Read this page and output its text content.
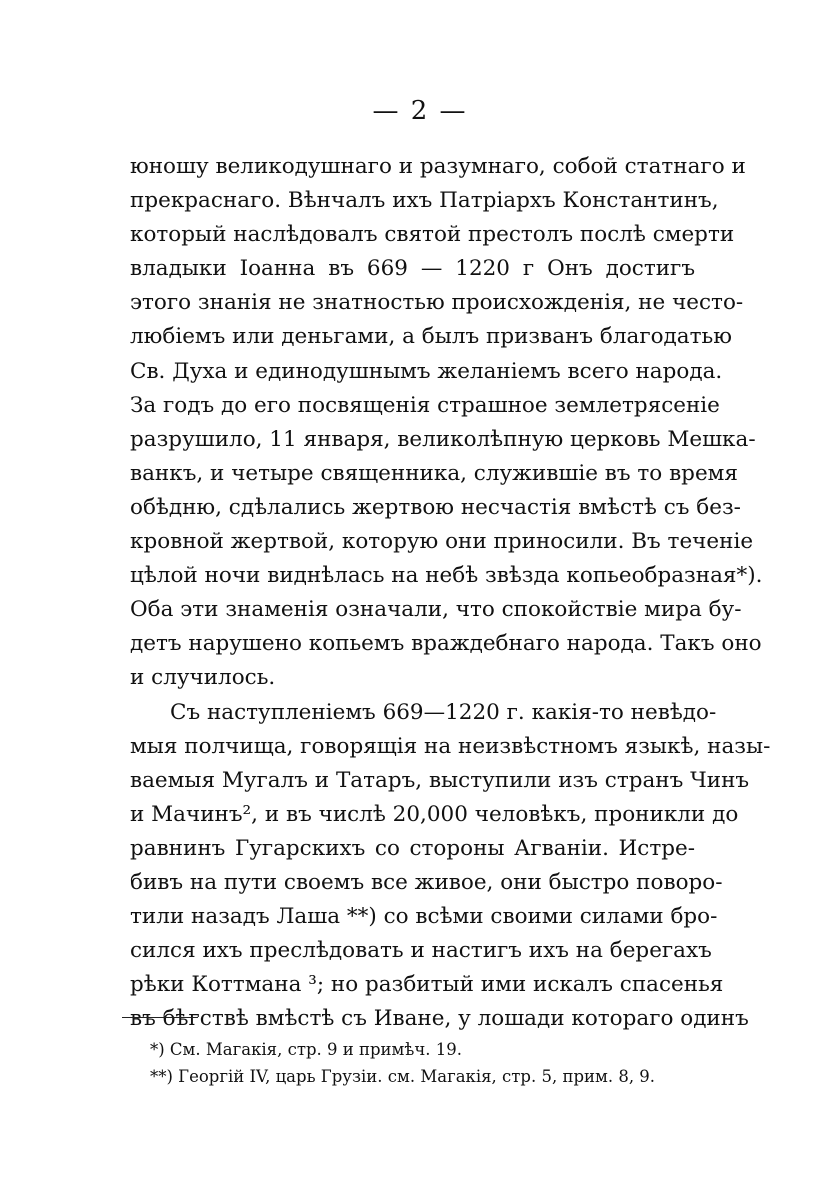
— 2 —
юношу великодушнаго и разумнаго, собой статнаго и
прекраснаго. Вѣнчалъ ихъ Патріархъ Константинъ,
который наслѣдовалъ святой престолъ послѣ смерти
владыки Іоанна въ 669 — 1220 г Онъ достигъ
этого знанія не знатностью происхожденія, не често-
любіемъ или деньгами, а былъ призванъ благодатью
Св. Духа и единодушнымъ желаніемъ всего народа.
За годъ до его посвященія страшное землетрясеніе
разрушило, 11 января, великолѣпную церковь Мешка-
ванкъ, и четыре священника, служившіе въ то время
обѣдню, сдѣлались жертвою несчастія вмѣстѣ съ без-
кровной жертвой, которую они приносили. Въ теченіе
цѣлой ночи виднѣлась на небѣ звѣзда копьеобразная*).
Оба эти знаменія означали, что спокойствіе мира бу-
детъ нарушено копьемъ враждебнаго народа. Такъ оно
и случилось.
Съ наступленіемъ 669—1220 г. какія-то невѣдо-
мыя полчища, говорящія на неизвѣстномъ языкѣ, назы-
ваемыя Мугалъ и Татаръ, выступили изъ странъ Чинъ
и Мачинъ², и въ числѣ 20,000 человѣкъ, проникли до
равнинъ Гугарскихъ со стороны Агваніи. Истре-
бивъ на пути своемъ все живое, они быстро поворо-
тили назадъ Лаша **) со всѣми своими силами бро-
сился ихъ преслѣдовать и настигъ ихъ на берегахъ
рѣки Коттмана ³; но разбитый ими искалъ спасенья
въ бѣгствѣ вмѣстѣ съ Иване, у лошади котораго одинъ
*) См. Магакія, стр. 9 и примѣч. 19.
**) Георгій IV, царь Грузіи. см. Магакія, стр. 5, прим. 8, 9.
